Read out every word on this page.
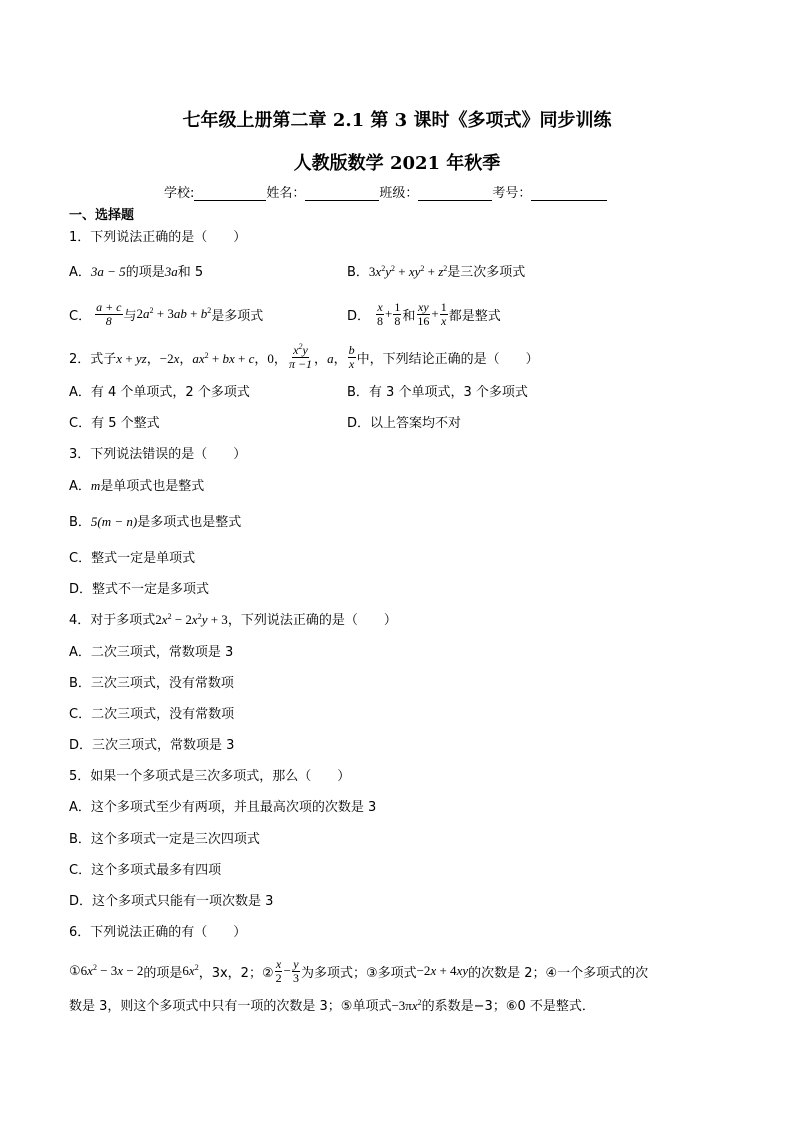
七年级上册第二章 2.1 第 3 课时《多项式》同步训练
人教版数学 2021 年秋季
学校:	姓名：	班级：	考号：
一、选择题
1．下列说法正确的是（　　）
A．3a − 5的项是3a和 5	B．$3x^2y^2 + xy^2 + z^2$是三次多项式
C． $\frac{a + c}{8}$ 与 $2a^2 + 3ab + b^2$ 是多项式	D． $\frac{x}{8} + \frac{1}{8}$ 和 $\frac{xy}{16} + \frac{1}{x}$ 都是整式
2．式子 x + yz，−2x，$ax^2$ + bx + c，0， $\frac{x^2y}{\pi -1}$ ，a， $\frac{b}{x}$ 中，下列结论正确的是（　　）
A．有 4 个单项式，2 个多项式	B．有 3 个单项式，3 个多项式
C．有 5 个整式	D．以上答案均不对
3．下列说法错误的是（　　）
A．m是单项式也是整式
B．5(m − n)是多项式也是整式
C．整式一定是单项式
D．整式不一定是多项式
4．对于多项式$2x^2 - 2x^2y + 3$，下列说法正确的是（　　）
A．二次三项式，常数项是 3
B．三次三项式，没有常数项
C．二次三项式，没有常数项
D．三次三项式，常数项是 3
5．如果一个多项式是三次多项式，那么（　　）
A．这个多项式至少有两项，并且最高次项的次数是 3
B．这个多项式一定是三次四项式
C．这个多项式最多有四项
D．这个多项式只能有一项次数是 3
6．下列说法正确的有（　　）
① $6x^2 - 3x - 2$ 的项是 $6x^2$ ，3x，2；② $\frac{x}{2} - \frac{y}{3}$ 为多项式；③多项式 −2x + 4xy 的次数是 2；④一个多项式的次
数是 3，则这个多项式中只有一项的次数是 3；⑤单项式$-3\pi x^2$的系数是−3；⑥0 不是整式．
